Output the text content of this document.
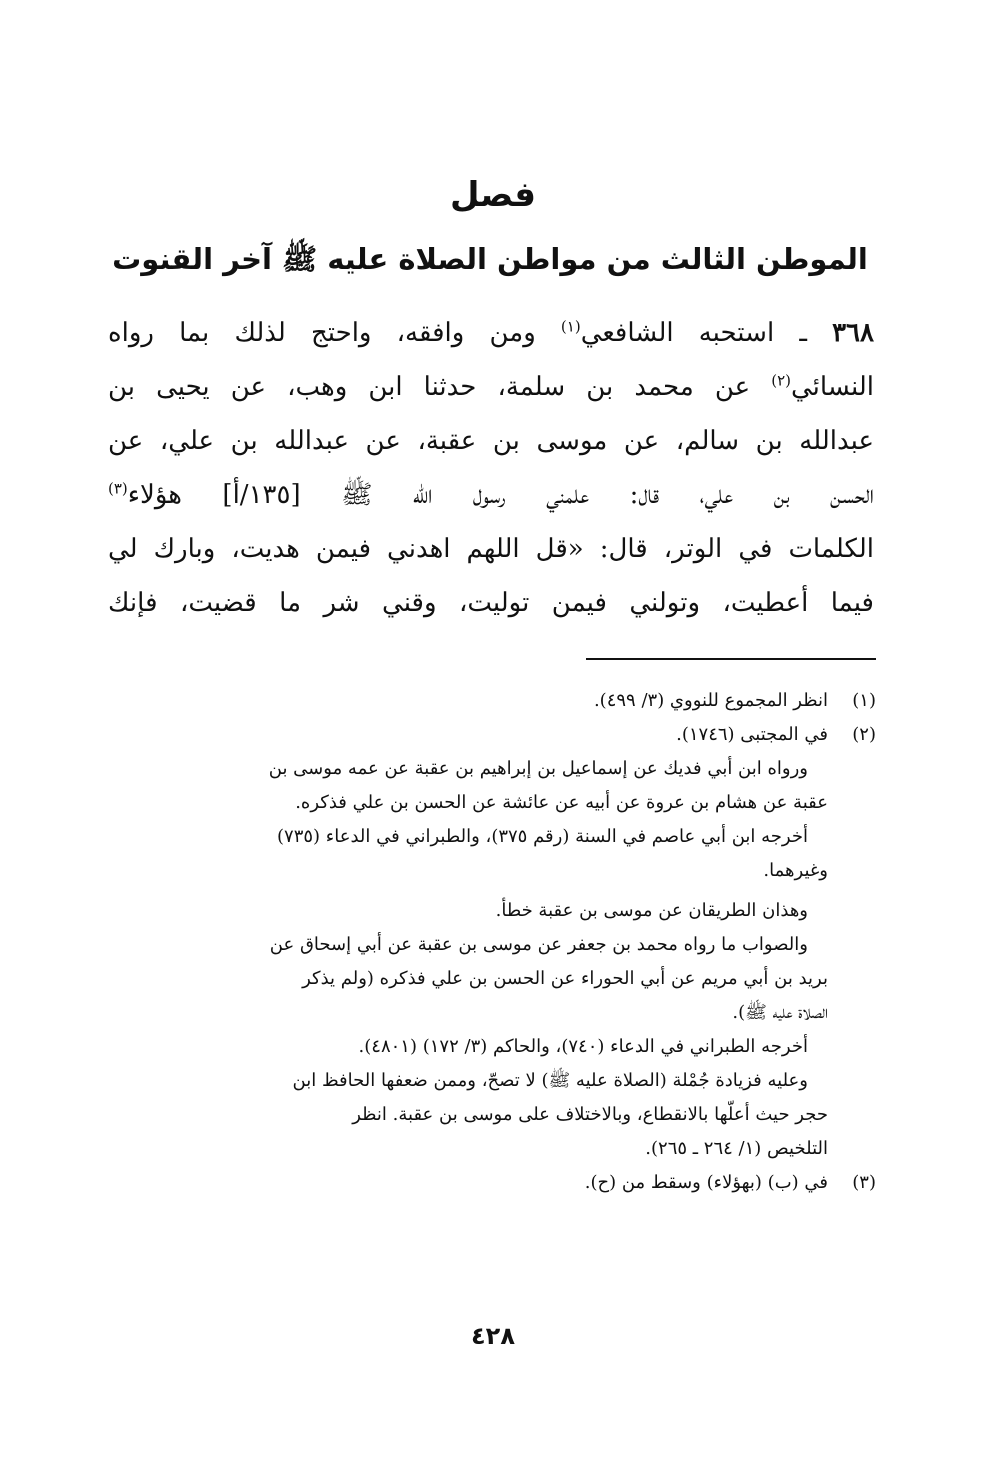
فصل
الموطن الثالث من مواطن الصلاة عليه ﷺ آخر القنوت
٣٦٨ ـ استحبه الشافعي$^{(١)}$ ومن وافقه، واحتج لذلك بما رواه
النسائي$^{(٢)}$ عن محمد بن سلمة، حدثنا ابن وهب، عن يحيى بن
عبدالله بن سالم، عن موسى بن عقبة، عن عبدالله بن علي، عن
الحسن بن علي، قال: علمني رسول الله ﷺ [١٣٥/أ] هؤلاء$^{(٣)}$
الكلمات في الوتر، قال: «قل اللهم اهدني فيمن هديت، وبارك لي
فيما أعطيت، وتولني فيمن توليت، وقني شر ما قضيت، فإنك
(١)انظر المجموع للنووي (٣/ ٤٩٩).
(٢)في المجتبى (١٧٤٦).
ورواه ابن أبي فديك عن إسماعيل بن إبراهيم بن عقبة عن عمه موسى بن
عقبة عن هشام بن عروة عن أبيه عن عائشة عن الحسن بن علي فذكره.
أخرجه ابن أبي عاصم في السنة (رقم ٣٧٥)، والطبراني في الدعاء (٧٣٥)
وغيرهما.
وهذان الطريقان عن موسى بن عقبة خطأ.
والصواب ما رواه محمد بن جعفر عن موسى بن عقبة عن أبي إسحاق عن
بريد بن أبي مريم عن أبي الحوراء عن الحسن بن علي فذكره (ولم يذكر
الصلاة عليه ﷺ).
أخرجه الطبراني في الدعاء (٧٤٠)، والحاكم (٣/ ١٧٢) (٤٨٠١).
وعليه فزيادة جُمْلة (الصلاة عليه ﷺ) لا تصحّ، وممن ضعفها الحافظ ابن
حجر حيث أعلّها بالانقطاع، وبالاختلاف على موسى بن عقبة. انظر
التلخيص (١/ ٢٦٤ ـ ٢٦٥).
(٣)في (ب) (بهؤلاء) وسقط من (ح).
٤٢٨
